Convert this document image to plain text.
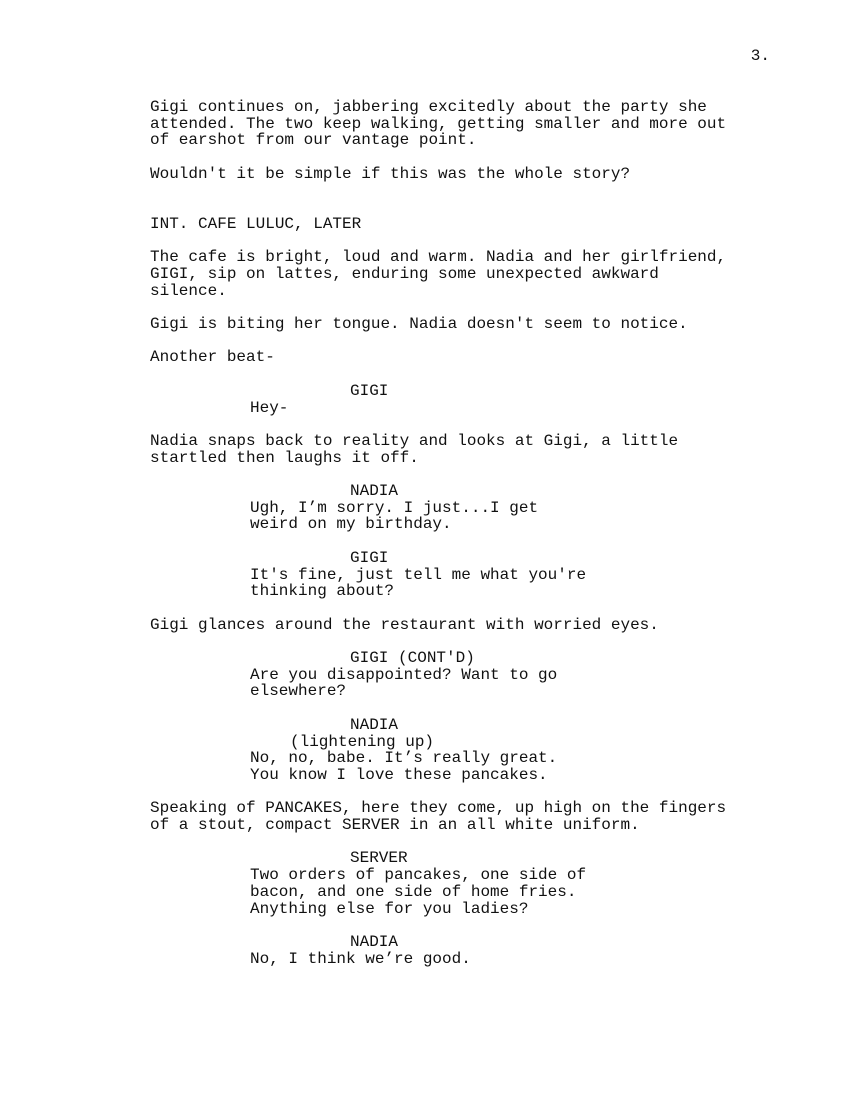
3.

Gigi continues on, jabbering excitedly about the party she
attended. The two keep walking, getting smaller and more out
of earshot from our vantage point.

Wouldn't it be simple if this was the whole story?

INT. CAFE LULUC, LATER

The cafe is bright, loud and warm. Nadia and her girlfriend,
GIGI, sip on lattes, enduring some unexpected awkward
silence.

Gigi is biting her tongue. Nadia doesn't seem to notice.

Another beat-

GIGI

Hey-

Nadia snaps back to reality and looks at Gigi, a little
startled then laughs it off.

NADIA

Ugh, I’m sorry. I just...I get
weird on my birthday.

GIGI

It's fine, just tell me what you're
thinking about?

Gigi glances around the restaurant with worried eyes.

GIGI (CONT'D)

Are you disappointed? Want to go
elsewhere?

NADIA

(lightening up)

No, no, babe. It’s really great.
You know I love these pancakes.

Speaking of PANCAKES, here they come, up high on the fingers
of a stout, compact SERVER in an all white uniform.

SERVER

Two orders of pancakes, one side of
bacon, and one side of home fries.
Anything else for you ladies?

NADIA

No, I think we’re good.
